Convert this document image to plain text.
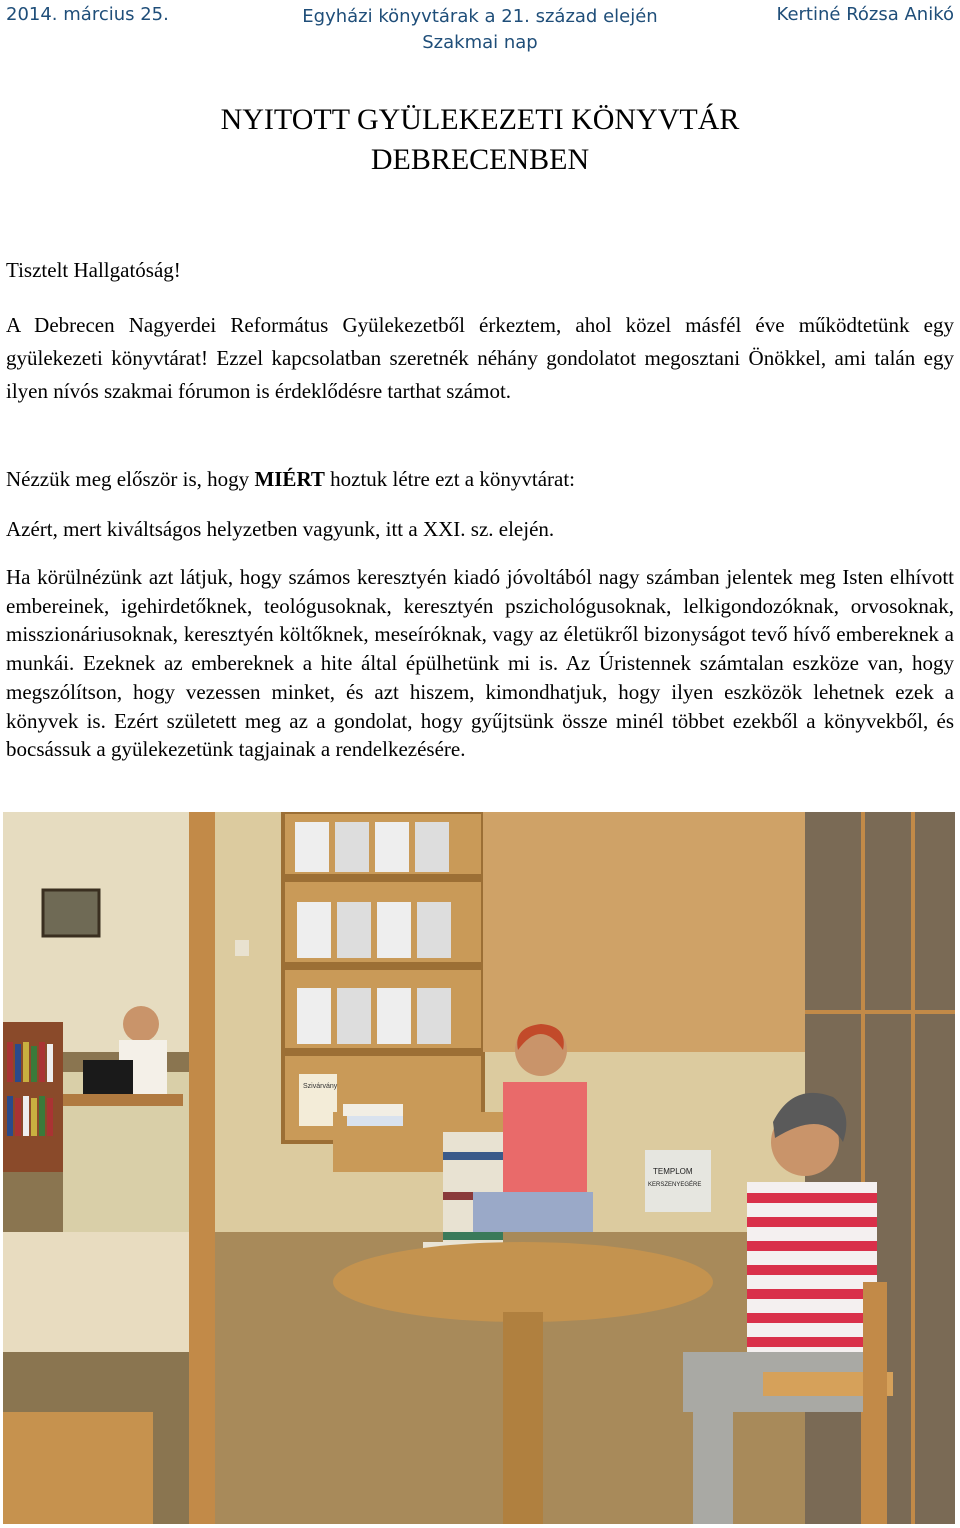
2014. március 25.	Egyházi könyvtárak a 21. század elején
Szakmai nap
Kertiné Rózsa Anikó
NYITOTT GYÜLEKEZETI KÖNYVTÁR
DEBRECENBEN

Tisztelt Hallgatóság!

A Debrecen Nagyerdei Református Gyülekezetből érkeztem, ahol közel másfél éve működtetünk egy gyülekezeti könyvtárat! Ezzel kapcsolatban szeretnék néhány gondolatot megosztani Önökkel, ami talán egy ilyen nívós szakmai fórumon is érdeklődésre tarthat számot.

Nézzük meg először is, hogy MIÉRT hoztuk létre ezt a könyvtárat:

Azért, mert kiváltságos helyzetben vagyunk, itt a XXI. sz. elején.

Ha körülnézünk azt látjuk, hogy számos keresztyén kiadó jóvoltából nagy számban jelentek meg Isten elhívott embereinek, igehirdetőknek, teológusoknak, keresztyén pszichológusoknak, lelkigondozóknak, orvosoknak, misszionáriusoknak, keresztyén költőknek, meseíróknak, vagy az életükről bizonyságot tevő hívő embereknek a munkái. Ezeknek az embereknek a hite által épülhetünk mi is. Az Úristennek számtalan eszköze van, hogy megszólítson, hogy vezessen minket, és azt hiszem, kimondhatjuk, hogy ilyen eszközök lehetnek ezek a könyvek is. Ezért született meg az a gondolat, hogy gyűjtsünk össze minél többet ezekből a könyvekből, és bocsássuk a gyülekezetünk tagjainak a rendelkezésére.

Szivárvány
TEMPLOM
KERSZENYEGÉRE
